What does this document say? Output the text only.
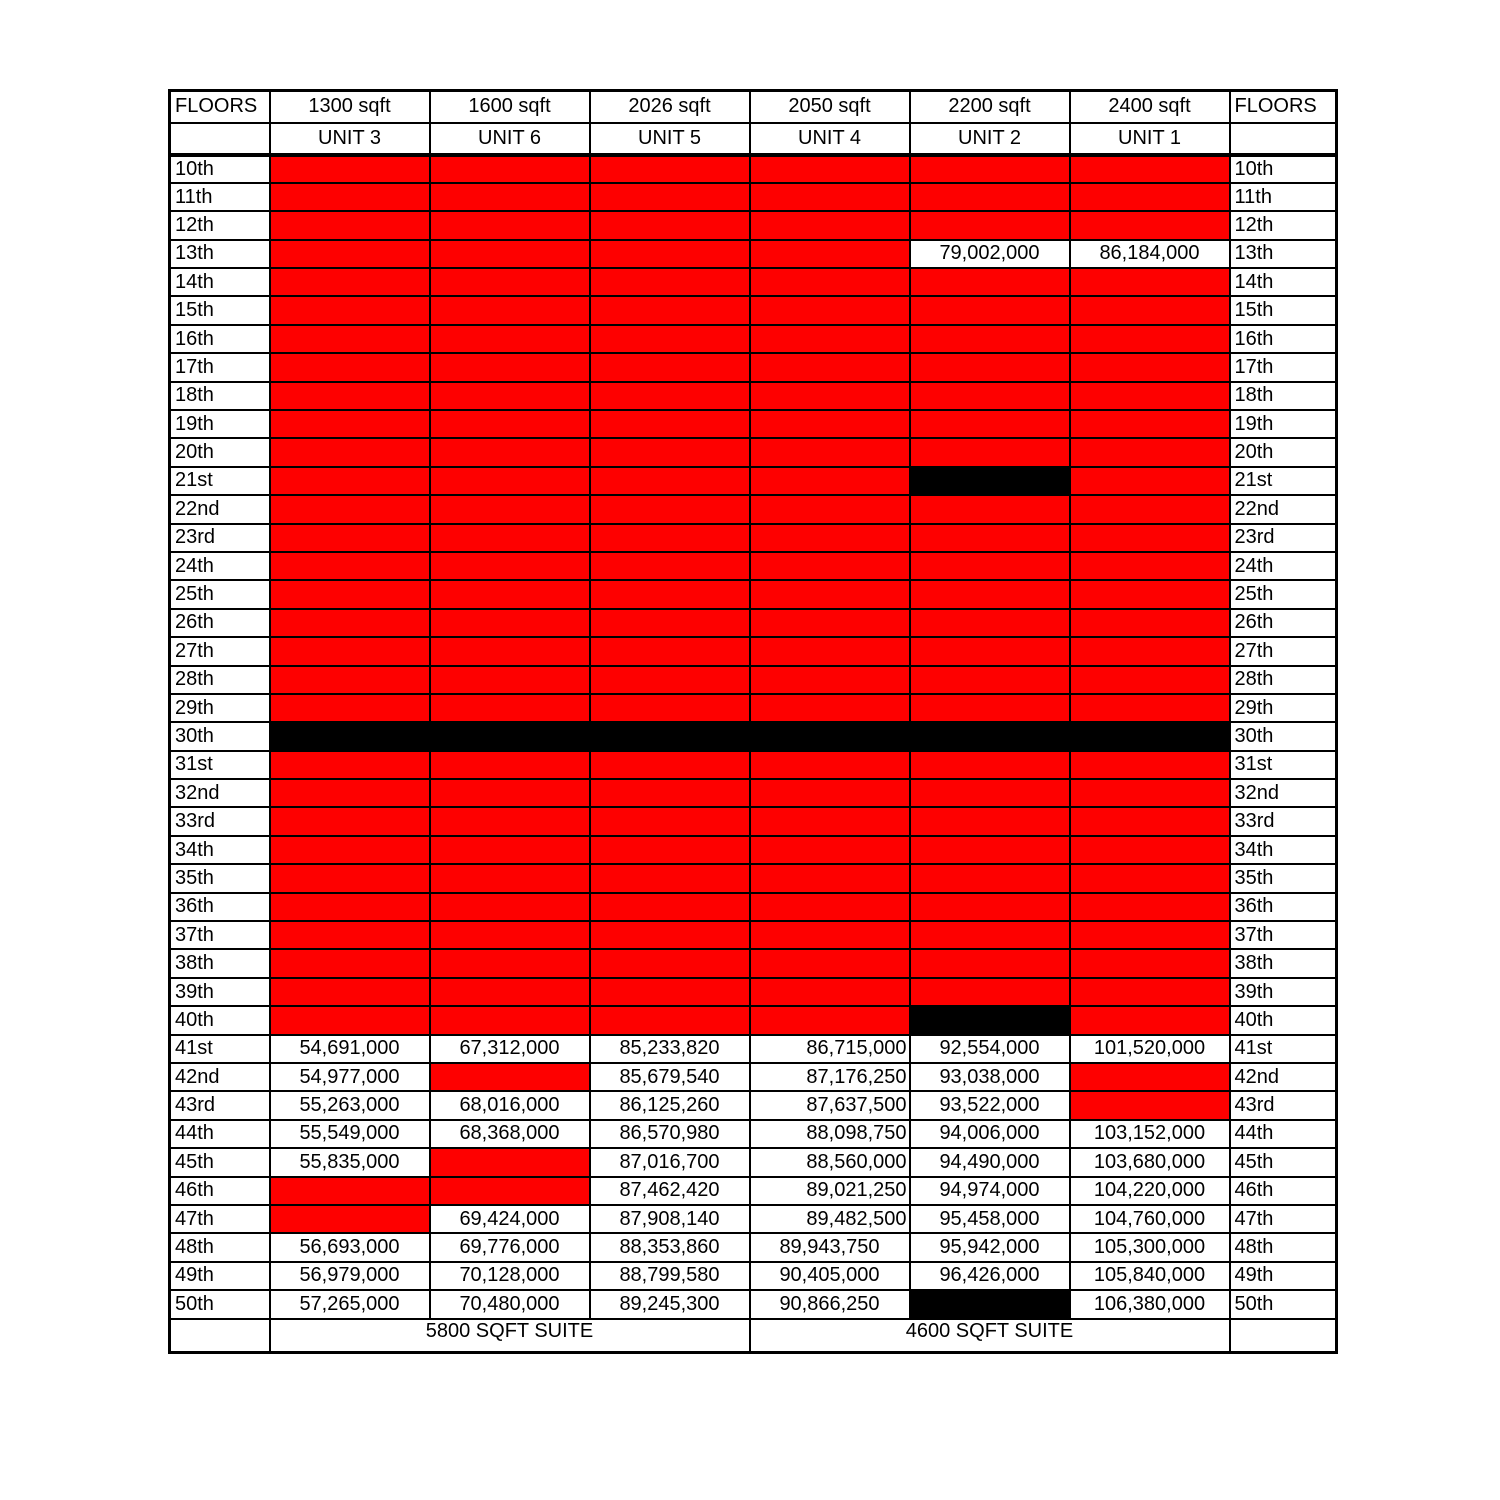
FLOORS	1300 sqft	1600 sqft	2026 sqft	2050 sqft	2200 sqft	2400 sqft	FLOORS
	UNIT 3	UNIT 6	UNIT 5	UNIT 4	UNIT 2	UNIT 1	
10th							10th
11th							11th
12th							12th
13th					79,002,000	86,184,000	13th
14th							14th
15th							15th
16th							16th
17th							17th
18th							18th
19th							19th
20th							20th
21st							21st
22nd							22nd
23rd							23rd
24th							24th
25th							25th
26th							26th
27th							27th
28th							28th
29th							29th
30th							30th
31st							31st
32nd							32nd
33rd							33rd
34th							34th
35th							35th
36th							36th
37th							37th
38th							38th
39th							39th
40th							40th
41st	54,691,000	67,312,000	85,233,820	86,715,000	92,554,000	101,520,000	41st
42nd	54,977,000		85,679,540	87,176,250	93,038,000		42nd
43rd	55,263,000	68,016,000	86,125,260	87,637,500	93,522,000		43rd
44th	55,549,000	68,368,000	86,570,980	88,098,750	94,006,000	103,152,000	44th
45th	55,835,000		87,016,700	88,560,000	94,490,000	103,680,000	45th
46th			87,462,420	89,021,250	94,974,000	104,220,000	46th
47th		69,424,000	87,908,140	89,482,500	95,458,000	104,760,000	47th
48th	56,693,000	69,776,000	88,353,860	89,943,750	95,942,000	105,300,000	48th
49th	56,979,000	70,128,000	88,799,580	90,405,000	96,426,000	105,840,000	49th
50th	57,265,000	70,480,000	89,245,300	90,866,250		106,380,000	50th
	5800 SQFT SUITE			4600 SQFT SUITE			
